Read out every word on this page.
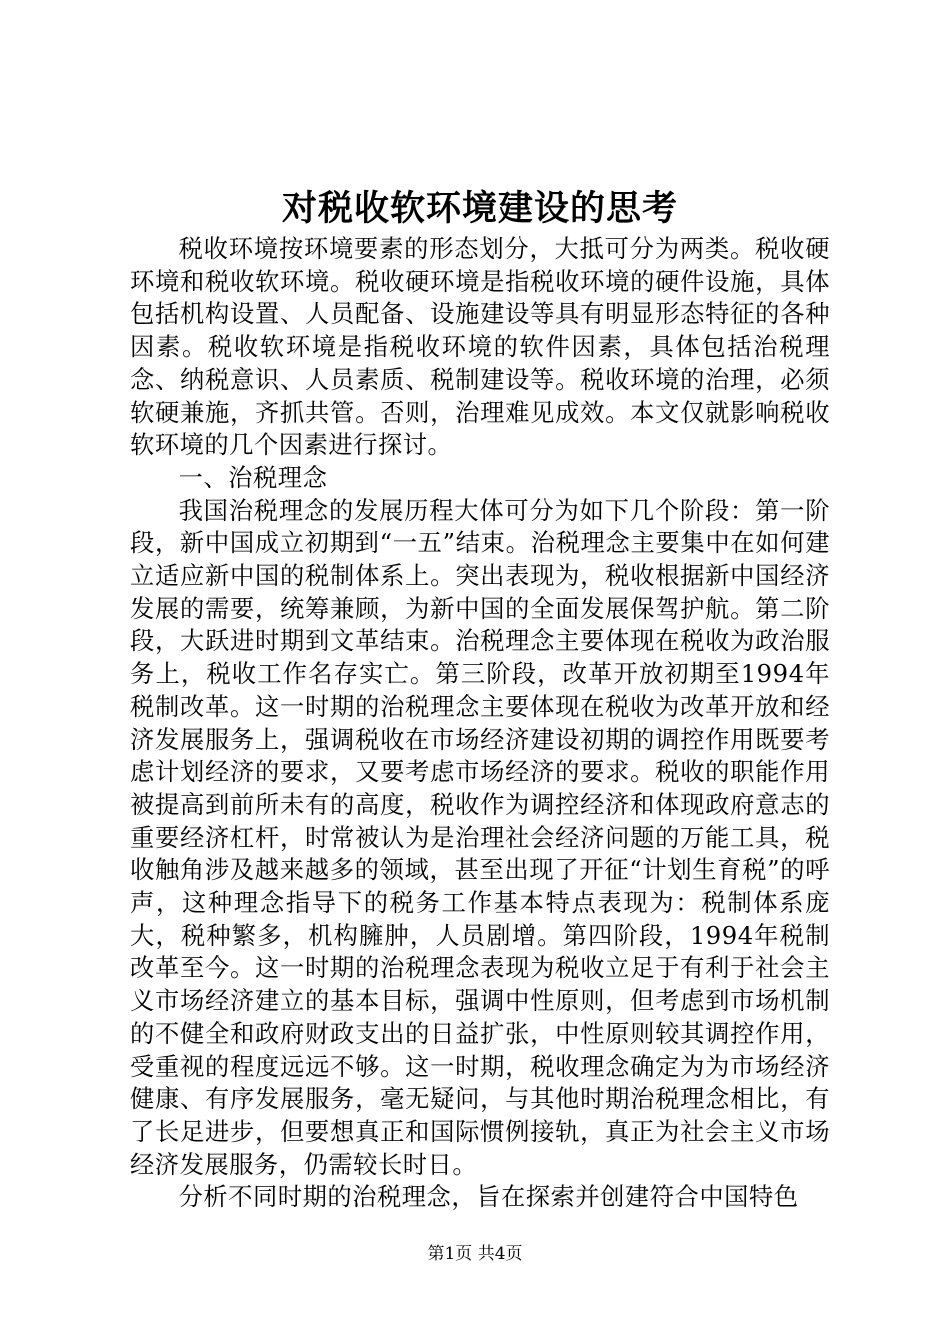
对税收软环境建设的思考

税收环境按环境要素的形态划分，大抵可分为两类。税收硬环境和税收软环境。税收硬环境是指税收环境的硬件设施，具体包括机构设置、人员配备、设施建设等具有明显形态特征的各种因素。税收软环境是指税收环境的软件因素，具体包括治税理念、纳税意识、人员素质、税制建设等。税收环境的治理，必须软硬兼施，齐抓共管。否则，治理难见成效。本文仅就影响税收软环境的几个因素进行探讨。

一、治税理念

我国治税理念的发展历程大体可分为如下几个阶段：第一阶段，新中国成立初期到“一五”结束。治税理念主要集中在如何建立适应新中国的税制体系上。突出表现为，税收根据新中国经济发展的需要，统筹兼顾，为新中国的全面发展保驾护航。第二阶段，大跃进时期到文革结束。治税理念主要体现在税收为政治服务上，税收工作名存实亡。第三阶段，改革开放初期至1994年税制改革。这一时期的治税理念主要体现在税收为改革开放和经济发展服务上，强调税收在市场经济建设初期的调控作用既要考虑计划经济的要求，又要考虑市场经济的要求。税收的职能作用被提高到前所未有的高度，税收作为调控经济和体现政府意志的重要经济杠杆，时常被认为是治理社会经济问题的万能工具，税收触角涉及越来越多的领域，甚至出现了开征“计划生育税”的呼声，这种理念指导下的税务工作基本特点表现为：税制体系庞大，税种繁多，机构臃肿，人员剧增。第四阶段，1994年税制改革至今。这一时期的治税理念表现为税收立足于有利于社会主义市场经济建立的基本目标，强调中性原则，但考虑到市场机制的不健全和政府财政支出的日益扩张，中性原则较其调控作用，受重视的程度远远不够。这一时期，税收理念确定为为市场经济健康、有序发展服务，毫无疑问，与其他时期治税理念相比，有了长足进步，但要想真正和国际惯例接轨，真正为社会主义市场经济发展服务，仍需较长时日。

分析不同时期的治税理念，旨在探索并创建符合中国特色

第1页 共4页
